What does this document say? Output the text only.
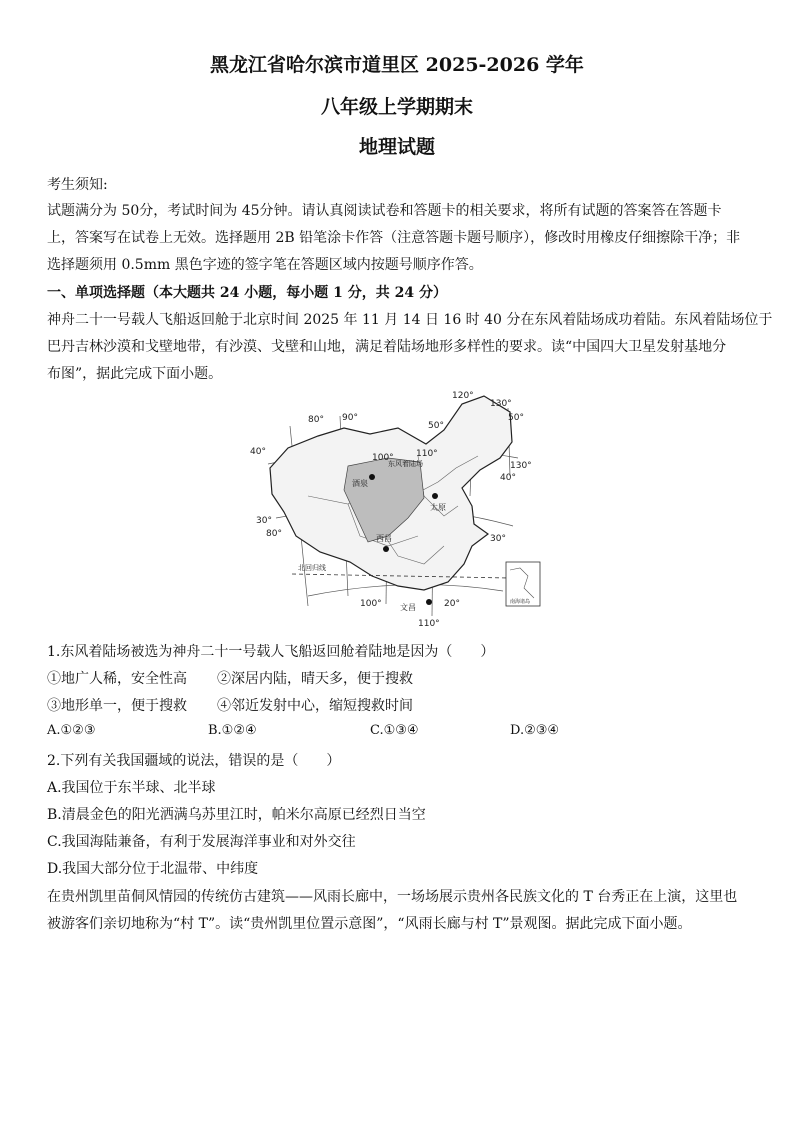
黑龙江省哈尔滨市道里区 2025-2026 学年
八年级上学期期末
地理试题
考生须知:
试题满分为 50分，考试时间为 45分钟。请认真阅读试卷和答题卡的相关要求，将所有试题的答案答在答题卡
上，答案写在试卷上无效。选择题用 2B 铅笔涂卡作答（注意答题卡题号顺序），修改时用橡皮仔细擦除干净；非
选择题须用 0.5mm 黑色字迹的签字笔在答题区域内按题号顺序作答。
一、单项选择题（本大题共 24 小题，每小题 1 分，共 24 分）
神舟二十一号载人飞船返回舱于北京时间 2025 年 11 月 14 日 16 时 40 分在东风着陆场成功着陆。东风着陆场位于
巴丹吉林沙漠和戈壁地带，有沙漠、戈壁和山地，满足着陆场地形多样性的要求。读“中国四大卫星发射基地分
布图”，据此完成下面小题。
80° 90°
100° 110°
120°
130°
50°
50°
40°
40°
130°
30°
30°
80°
100°	20°
110°
东风着陆场
酒泉
太原
西昌
文昌
北回归线
南海诸岛
1.东风着陆场被选为神舟二十一号载人飞船返回舱着陆地是因为（　　）
①地广人稀，安全性高 ②深居内陆，晴天多，便于搜救
③地形单一，便于搜救 ④邻近发射中心，缩短搜救时间
A.①②③	B.①②④	C.①③④	D.②③④
2.下列有关我国疆域的说法，错误的是（　　）
A.我国位于东半球、北半球
B.清晨金色的阳光洒满乌苏里江时，帕米尔高原已经烈日当空
C.我国海陆兼备，有利于发展海洋事业和对外交往
D.我国大部分位于北温带、中纬度
在贵州凯里苗侗风情园的传统仿古建筑——风雨长廊中，一场场展示贵州各民族文化的 T 台秀正在上演，这里也
被游客们亲切地称为“村 T”。读“贵州凯里位置示意图”，“风雨长廊与村 T”景观图。据此完成下面小题。
